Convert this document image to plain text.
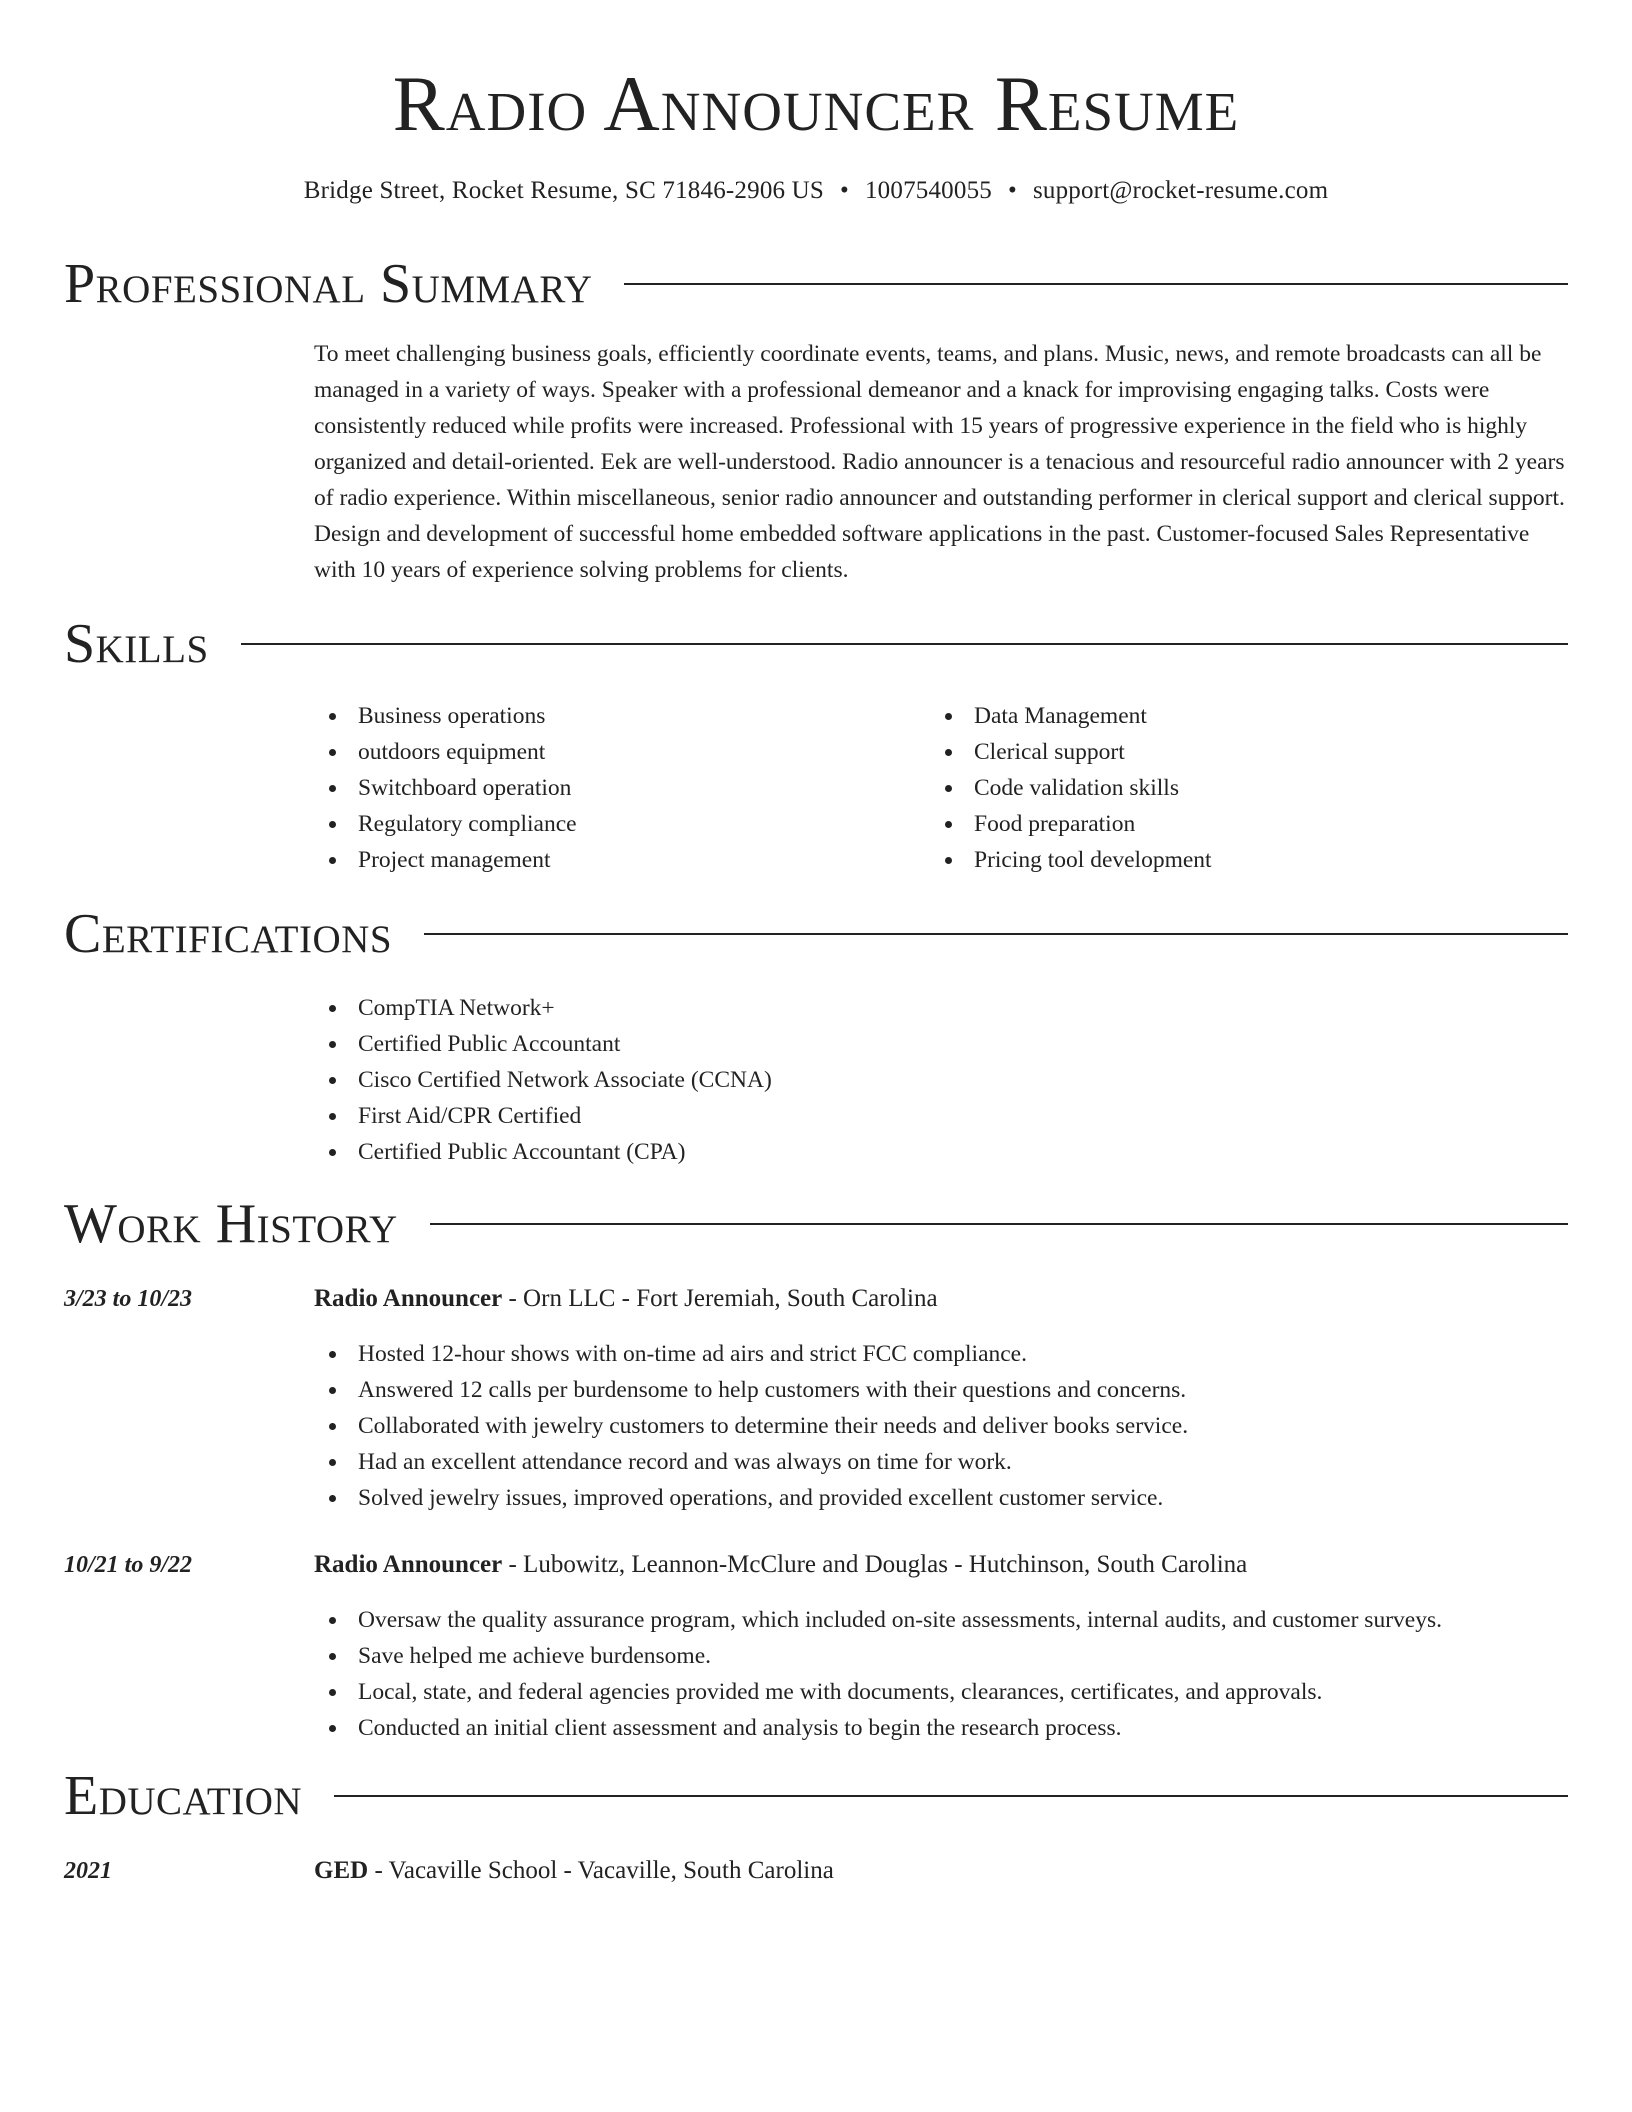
Radio Announcer Resume
Bridge Street, Rocket Resume, SC 71846-2906 US • 1007540055 • support@rocket-resume.com
Professional Summary

To meet challenging business goals, efficiently coordinate events, teams, and plans. Music, news, and remote broadcasts can all be managed in a variety of ways. Speaker with a professional demeanor and a knack for improvising engaging talks. Costs were consistently reduced while profits were increased. Professional with 15 years of progressive experience in the field who is highly organized and detail-oriented. Eek are well-understood. Radio announcer is a tenacious and resourceful radio announcer with 2 years of radio experience. Within miscellaneous, senior radio announcer and outstanding performer in clerical support and clerical support. Design and development of successful home embedded software applications in the past. Customer-focused Sales Representative with 10 years of experience solving problems for clients.

Skills
Business operations
outdoors equipment
Switchboard operation
Regulatory compliance
Project management
Data Management
Clerical support
Code validation skills
Food preparation
Pricing tool development
Certifications
CompTIA Network+
Certified Public Accountant
Cisco Certified Network Associate (CCNA)
First Aid/CPR Certified
Certified Public Accountant (CPA)
Work History
3/23 to 10/23	Radio Announcer - Orn LLC - Fort Jeremiah, South Carolina
Hosted 12-hour shows with on-time ad airs and strict FCC compliance.
Answered 12 calls per burdensome to help customers with their questions and concerns.
Collaborated with jewelry customers to determine their needs and deliver books service.
Had an excellent attendance record and was always on time for work.
Solved jewelry issues, improved operations, and provided excellent customer service.
10/21 to 9/22	Radio Announcer - Lubowitz, Leannon-McClure and Douglas - Hutchinson, South Carolina
Oversaw the quality assurance program, which included on-site assessments, internal audits, and customer surveys.
Save helped me achieve burdensome.
Local, state, and federal agencies provided me with documents, clearances, certificates, and approvals.
Conducted an initial client assessment and analysis to begin the research process.
Education
2021	GED - Vacaville School - Vacaville, South Carolina
